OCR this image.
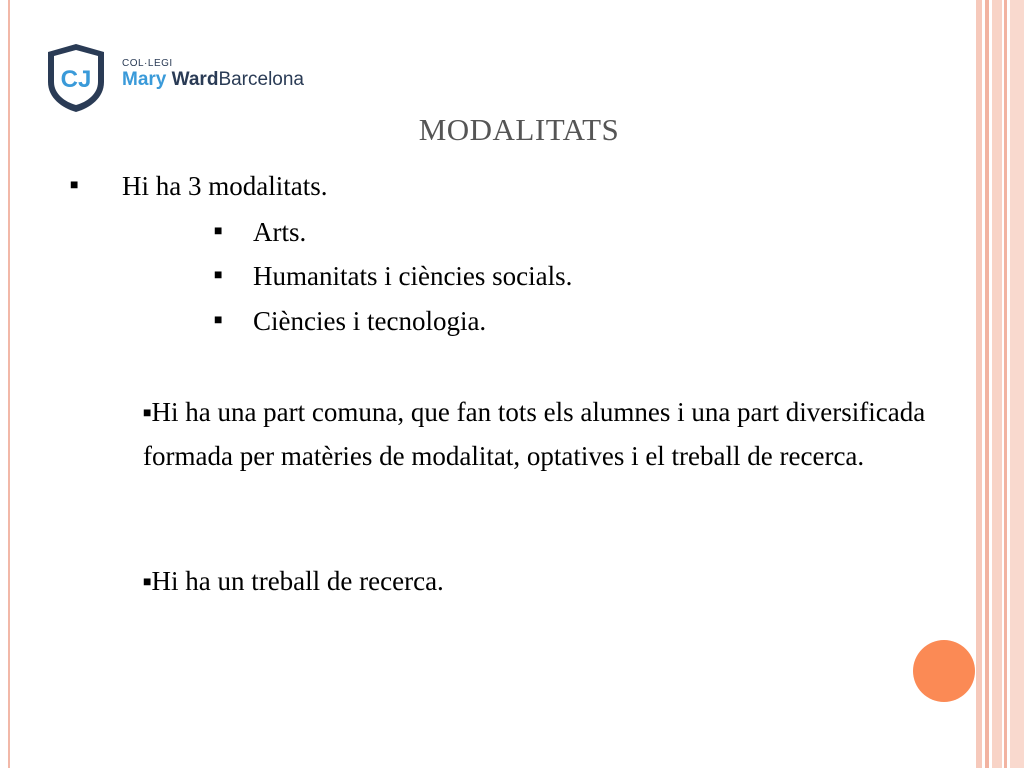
CJ
COL·LEGI
Mary WardBarcelona
MODALITATS
■ Hi ha 3 modalitats.
■ Arts.
■ Humanitats i ciències socials.
■ Ciències i tecnologia.
■Hi ha una part comuna, que fan tots els alumnes i una part diversificada formada per matèries de modalitat, optatives i el treball de recerca.
■Hi ha un treball de recerca.
